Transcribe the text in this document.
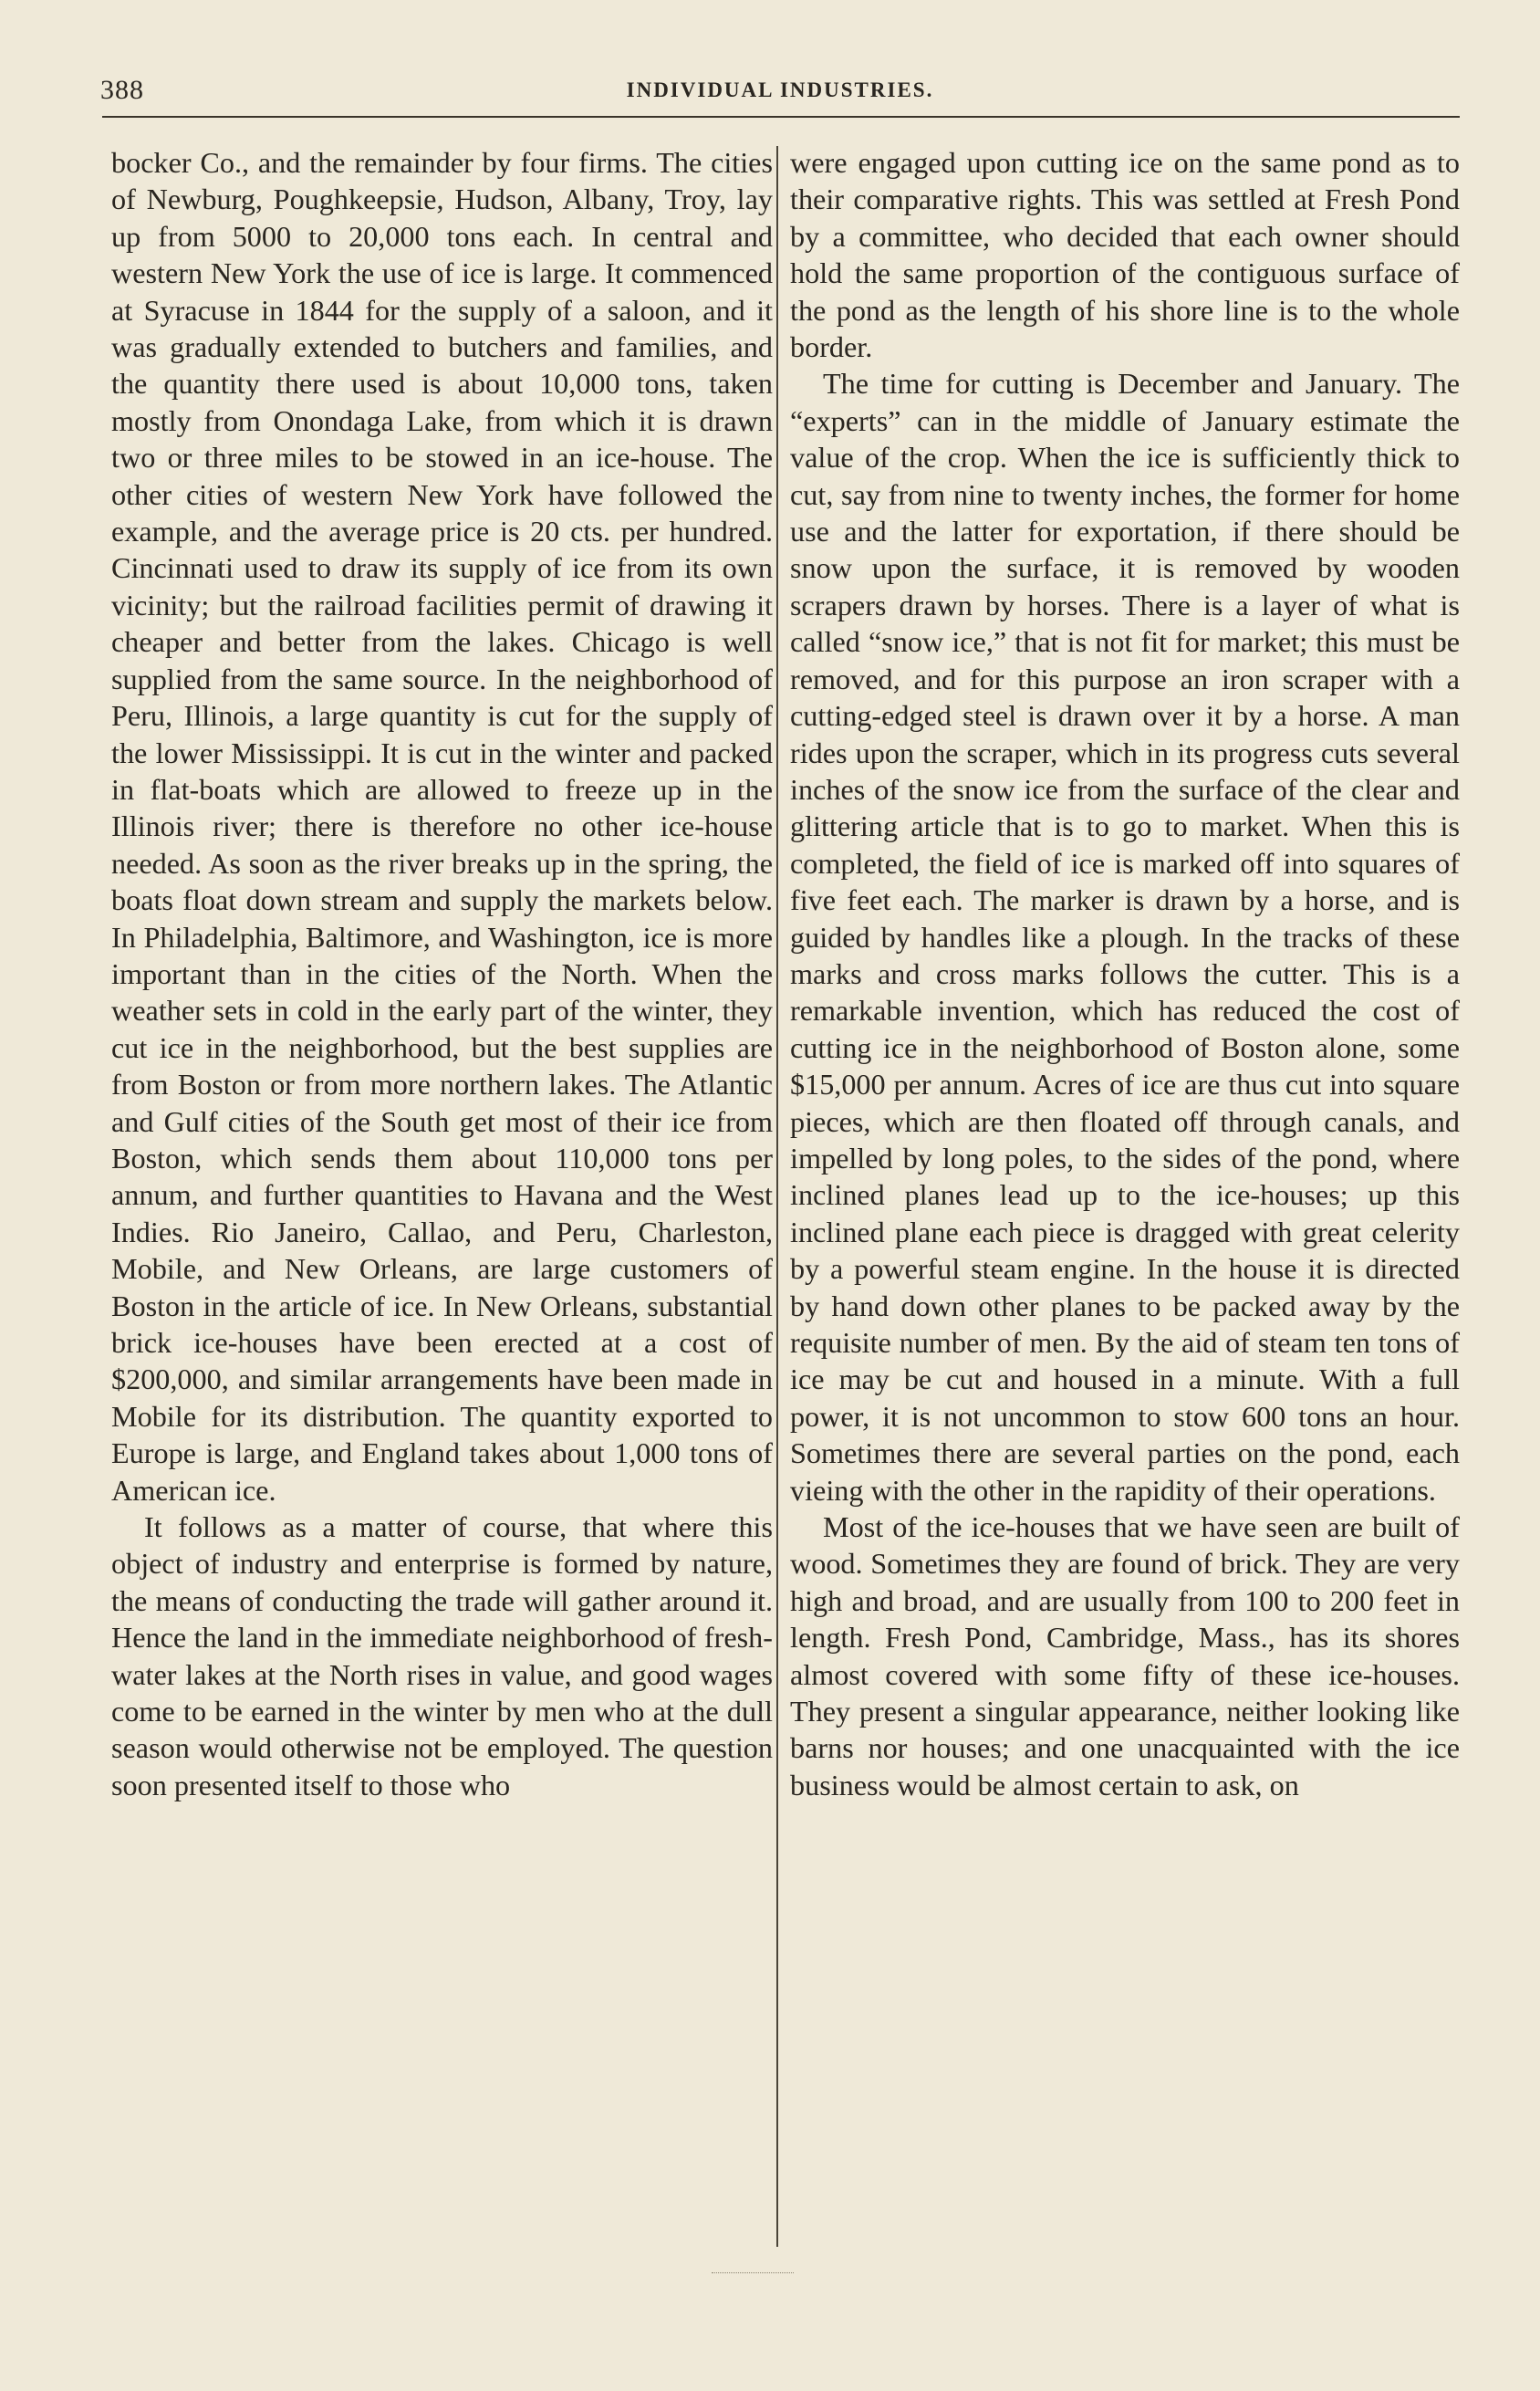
388	INDIVIDUAL INDUSTRIES.

bocker Co., and the remainder by four firms. The cities of Newburg, Poughkeepsie, Hudson, Albany, Troy, lay up from 5000 to 20,000 tons each. In central and western New York the use of ice is large. It commenced at Syracuse in 1844 for the supply of a saloon, and it was gradually extended to butchers and families, and the quantity there used is about 10,000 tons, taken mostly from Onondaga Lake, from which it is drawn two or three miles to be stowed in an ice-house. The other cities of western New York have followed the example, and the average price is 20 cts. per hundred. Cincinnati used to draw its supply of ice from its own vicinity; but the railroad facilities permit of drawing it cheaper and better from the lakes. Chicago is well supplied from the same source. In the neighborhood of Peru, Illinois, a large quantity is cut for the supply of the lower Mississippi. It is cut in the winter and packed in flat-boats which are allowed to freeze up in the Illinois river; there is therefore no other ice-house needed. As soon as the river breaks up in the spring, the boats float down stream and supply the markets below. In Philadelphia, Baltimore, and Washington, ice is more important than in the cities of the North. When the weather sets in cold in the early part of the winter, they cut ice in the neighborhood, but the best supplies are from Boston or from more northern lakes. The Atlantic and Gulf cities of the South get most of their ice from Boston, which sends them about 110,000 tons per annum, and further quantities to Havana and the West Indies. Rio Janeiro, Callao, and Peru, Charleston, Mobile, and New Orleans, are large customers of Boston in the article of ice. In New Orleans, substantial brick ice-houses have been erected at a cost of $200,000, and similar arrangements have been made in Mobile for its distribution. The quantity exported to Europe is large, and England takes about 1,000 tons of American ice.

It follows as a matter of course, that where this object of industry and enterprise is formed by nature, the means of conducting the trade will gather around it. Hence the land in the immediate neighborhood of fresh-water lakes at the North rises in value, and good wages come to be earned in the winter by men who at the dull season would otherwise not be employed. The question soon presented itself to those who

were engaged upon cutting ice on the same pond as to their comparative rights. This was settled at Fresh Pond by a committee, who decided that each owner should hold the same proportion of the contiguous surface of the pond as the length of his shore line is to the whole border.

The time for cutting is December and January. The “experts” can in the middle of January estimate the value of the crop. When the ice is sufficiently thick to cut, say from nine to twenty inches, the former for home use and the latter for exportation, if there should be snow upon the surface, it is removed by wooden scrapers drawn by horses. There is a layer of what is called “snow ice,” that is not fit for market; this must be removed, and for this purpose an iron scraper with a cutting-edged steel is drawn over it by a horse. A man rides upon the scraper, which in its progress cuts several inches of the snow ice from the surface of the clear and glittering article that is to go to market. When this is completed, the field of ice is marked off into squares of five feet each. The marker is drawn by a horse, and is guided by handles like a plough. In the tracks of these marks and cross marks follows the cutter. This is a remarkable invention, which has reduced the cost of cutting ice in the neighborhood of Boston alone, some $15,000 per annum. Acres of ice are thus cut into square pieces, which are then floated off through canals, and impelled by long poles, to the sides of the pond, where inclined planes lead up to the ice-houses; up this inclined plane each piece is dragged with great celerity by a powerful steam engine. In the house it is directed by hand down other planes to be packed away by the requisite number of men. By the aid of steam ten tons of ice may be cut and housed in a minute. With a full power, it is not uncommon to stow 600 tons an hour. Sometimes there are several parties on the pond, each vieing with the other in the rapidity of their operations.

Most of the ice-houses that we have seen are built of wood. Sometimes they are found of brick. They are very high and broad, and are usually from 100 to 200 feet in length. Fresh Pond, Cambridge, Mass., has its shores almost covered with some fifty of these ice-houses. They present a singular appearance, neither looking like barns nor houses; and one unacquainted with the ice business would be almost certain to ask, on
